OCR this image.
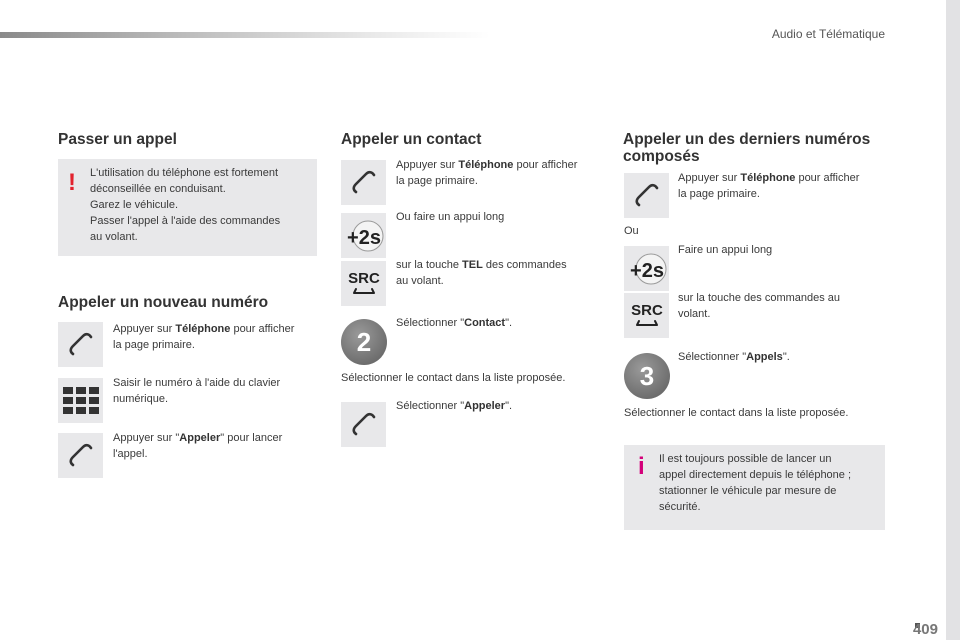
Audio et Télématique
Passer un appel
! L'utilisation du téléphone est fortement
déconseillée en conduisant.
Garez le véhicule.
Passer l'appel à l'aide des commandes
au volant.
Appeler un nouveau numéro
Appuyer sur Téléphone pour afficher
la page primaire.
Saisir le numéro à l'aide du clavier
numérique.
Appuyer sur "Appeler" pour lancer
l'appel.
Appeler un contact
Appuyer sur Téléphone pour afficher
la page primaire.
+2s
Ou faire un appui long
SRC
sur la touche TEL des commandes
au volant.
2
Sélectionner "Contact".
Sélectionner le contact dans la liste proposée.
Sélectionner "Appeler".
Appeler un des derniers numéros
composés
Appuyer sur Téléphone pour afficher
la page primaire.
Ou
+2s
Faire un appui long
SRC
sur la touche des commandes au
volant.
3
Sélectionner "Appels".
Sélectionner le contact dans la liste proposée.
i Il est toujours possible de lancer un
appel directement depuis le téléphone ;
stationner le véhicule par mesure de
sécurité.
409
